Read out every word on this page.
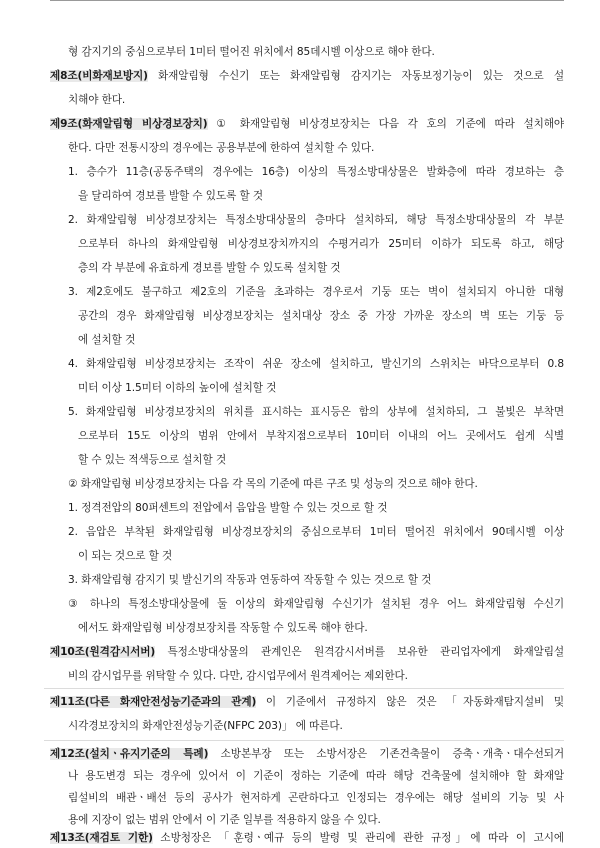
형 감지기의 중심으로부터 1미터 떨어진 위치에서 85데시벨 이상으로 해야 한다.
제8조(비화재보방지) 화재알림형 수신기 또는 화재알림형 감지기는 자동보정기능이 있는 것으로 설
치해야 한다.
제9조(화재알림형 비상경보장치) ① 화재알림형 비상경보장치는 다음 각 호의 기준에 따라 설치해야
한다. 다만 전통시장의 경우에는 공용부분에 한하여 설치할 수 있다.
1. 층수가 11층(공동주택의 경우에는 16층) 이상의 특정소방대상물은 발화층에 따라 경보하는 층
을 달리하여 경보를 발할 수 있도록 할 것
2. 화재알림형 비상경보장치는 특정소방대상물의 층마다 설치하되, 해당 특정소방대상물의 각 부분
으로부터 하나의 화재알림형 비상경보장치까지의 수평거리가 25미터 이하가 되도록 하고, 해당
층의 각 부분에 유효하게 경보를 발할 수 있도록 설치할 것
3. 제2호에도 불구하고 제2호의 기준을 초과하는 경우로서 기둥 또는 벽이 설치되지 아니한 대형
공간의 경우 화재알림형 비상경보장치는 설치대상 장소 중 가장 가까운 장소의 벽 또는 기둥 등
에 설치할 것
4. 화재알림형 비상경보장치는 조작이 쉬운 장소에 설치하고, 발신기의 스위치는 바닥으로부터 0.8
미터 이상 1.5미터 이하의 높이에 설치할 것
5. 화재알림형 비상경보장치의 위치를 표시하는 표시등은 함의 상부에 설치하되, 그 불빛은 부착면
으로부터 15도 이상의 범위 안에서 부착지점으로부터 10미터 이내의 어느 곳에서도 쉽게 식별
할 수 있는 적색등으로 설치할 것
② 화재알림형 비상경보장치는 다음 각 목의 기준에 따른 구조 및 성능의 것으로 해야 한다.
1. 정격전압의 80퍼센트의 전압에서 음압을 발할 수 있는 것으로 할 것
2. 음압은 부착된 화재알림형 비상경보장치의 중심으로부터 1미터 떨어진 위치에서 90데시벨 이상
이 되는 것으로 할 것
3. 화재알림형 감지기 및 발신기의 작동과 연동하여 작동할 수 있는 것으로 할 것
③ 하나의 특정소방대상물에 둘 이상의 화재알림형 수신기가 설치된 경우 어느 화재알림형 수신기
에서도 화재알림형 비상경보장치를 작동할 수 있도록 해야 한다.
제10조(원격감시서버) 특정소방대상물의 관계인은 원격감시서버를 보유한 관리업자에게 화재알림설
비의 감시업무를 위탁할 수 있다. 다만, 감시업무에서 원격제어는 제외한다.
제11조(다른 화재안전성능기준과의 관계) 이 기준에서 규정하지 않은 것은 「자동화재탐지설비 및
시각경보장치의 화재안전성능기준(NFPC 203)」 에 따른다.
제12조(설치ㆍ유지기준의 특례) 소방본부장 또는 소방서장은 기존건축물이 증축ㆍ개축ㆍ대수선되거
나 용도변경 되는 경우에 있어서 이 기준이 정하는 기준에 따라 해당 건축물에 설치해야 할 화재알
림설비의 배관ㆍ배선 등의 공사가 현저하게 곤란하다고 인정되는 경우에는 해당 설비의 기능 및 사
용에 지장이 없는 범위 안에서 이 기준 일부를 적용하지 않을 수 있다.
제13조(재검토 기한) 소방청장은 「훈령ㆍ예규 등의 발령 및 관리에 관한 규정」에 따라 이 고시에
